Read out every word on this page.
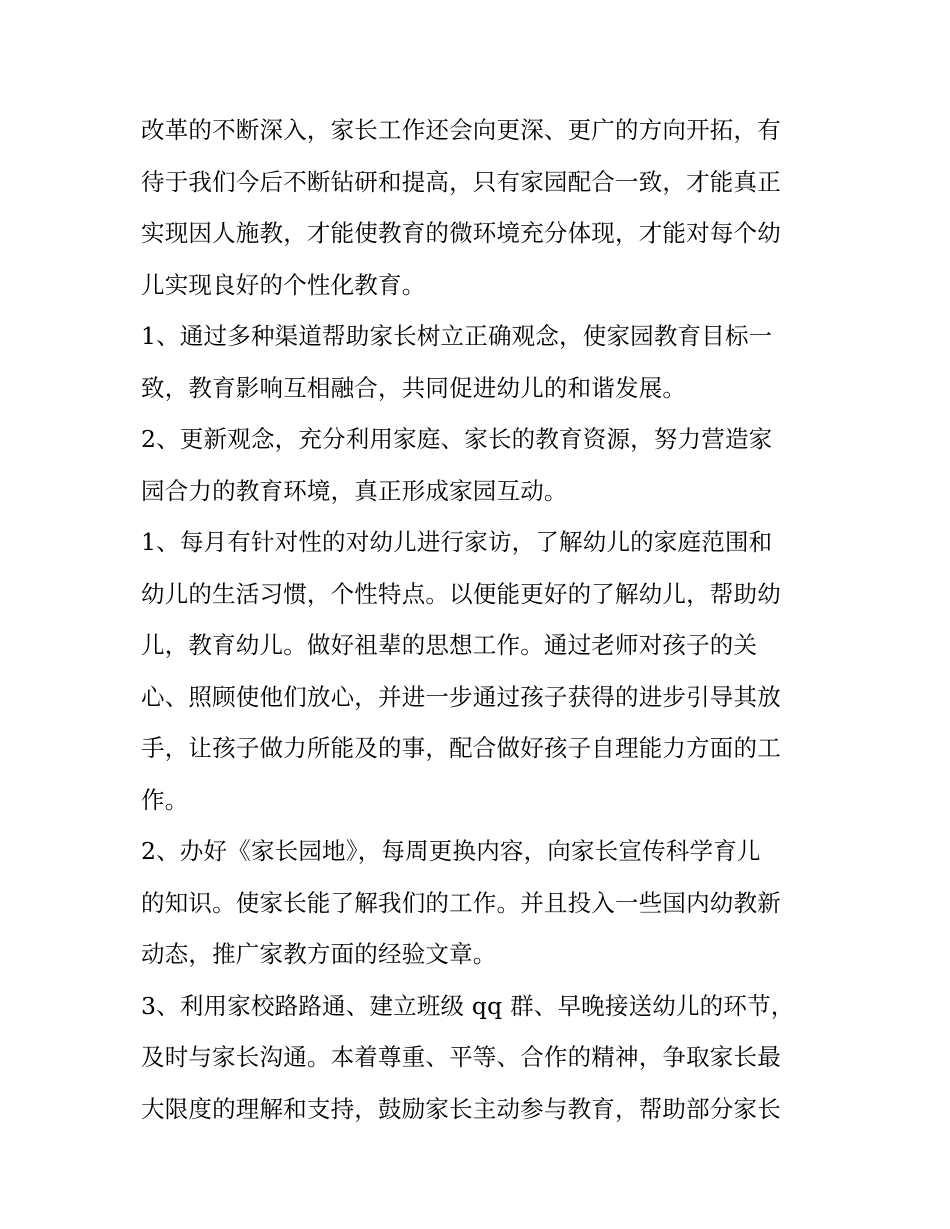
改革的不断深入，家长工作还会向更深、更广的方向开拓，有
待于我们今后不断钻研和提高，只有家园配合一致，才能真正
实现因人施教，才能使教育的微环境充分体现，才能对每个幼
儿实现良好的个性化教育。
1、通过多种渠道帮助家长树立正确观念，使家园教育目标一
致，教育影响互相融合，共同促进幼儿的和谐发展。
2、更新观念，充分利用家庭、家长的教育资源，努力营造家
园合力的教育环境，真正形成家园互动。
1、每月有针对性的对幼儿进行家访，了解幼儿的家庭范围和
幼儿的生活习惯，个性特点。以便能更好的了解幼儿，帮助幼
儿，教育幼儿。做好祖辈的思想工作。通过老师对孩子的关
心、照顾使他们放心，并进一步通过孩子获得的进步引导其放
手，让孩子做力所能及的事，配合做好孩子自理能力方面的工
作。
2、办好《家长园地》，每周更换内容，向家长宣传科学育儿
的知识。使家长能了解我们的工作。并且投入一些国内幼教新
动态，推广家教方面的经验文章。
3、利用家校路路通、建立班级 qq 群、早晚接送幼儿的环节，
及时与家长沟通。本着尊重、平等、合作的精神，争取家长最
大限度的理解和支持，鼓励家长主动参与教育，帮助部分家长
